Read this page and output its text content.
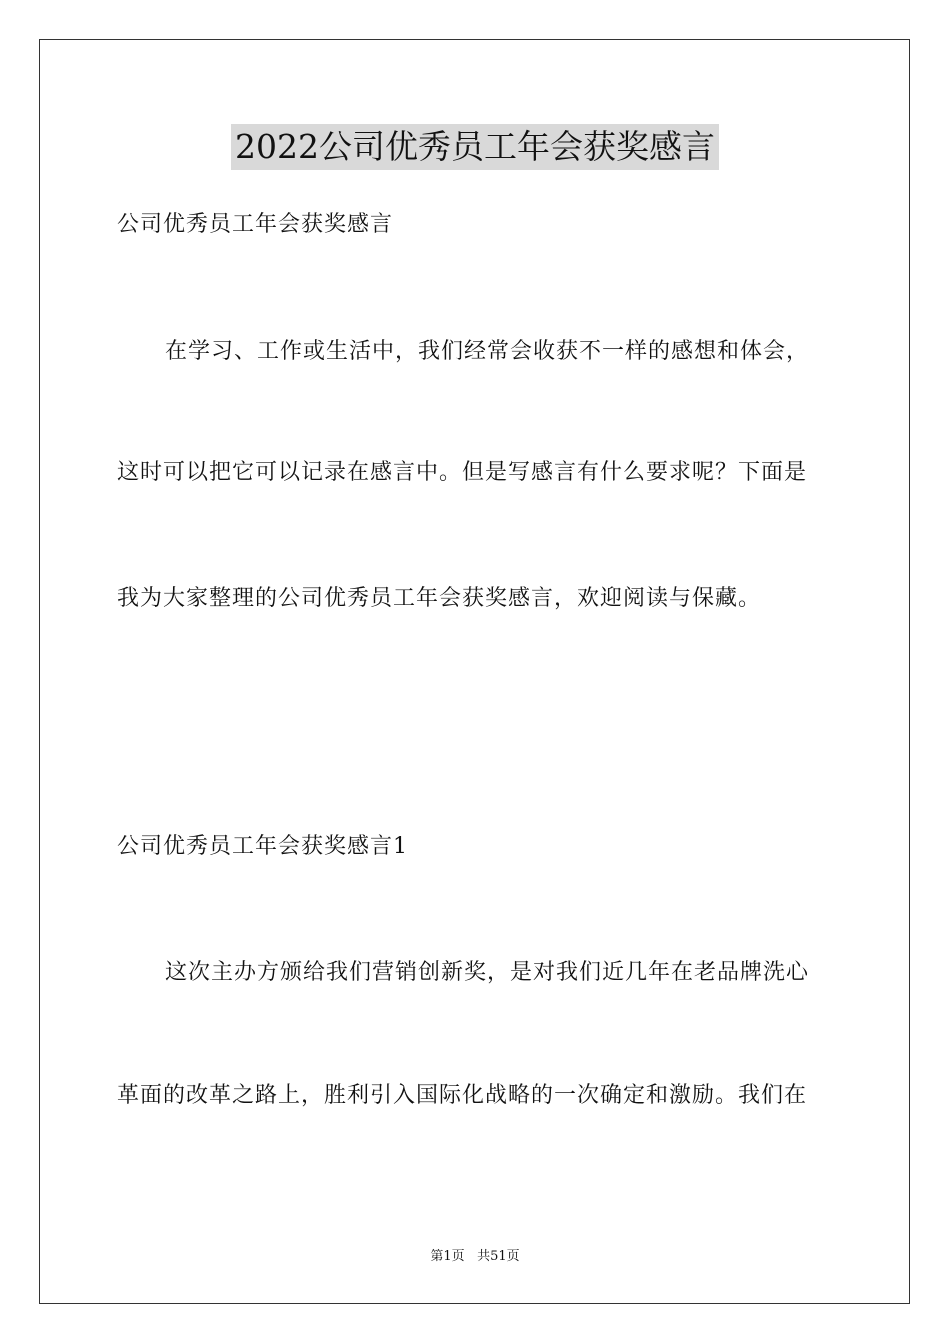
2022公司优秀员工年会获奖感言
公司优秀员工年会获奖感言
在学习、工作或生活中，我们经常会收获不一样的感想和体会，
这时可以把它可以记录在感言中。但是写感言有什么要求呢？下面是
我为大家整理的公司优秀员工年会获奖感言，欢迎阅读与保藏。
公司优秀员工年会获奖感言1
这次主办方颁给我们营销创新奖，是对我们近几年在老品牌洗心
革面的改革之路上，胜利引入国际化战略的一次确定和激励。我们在
第1页 共51页
